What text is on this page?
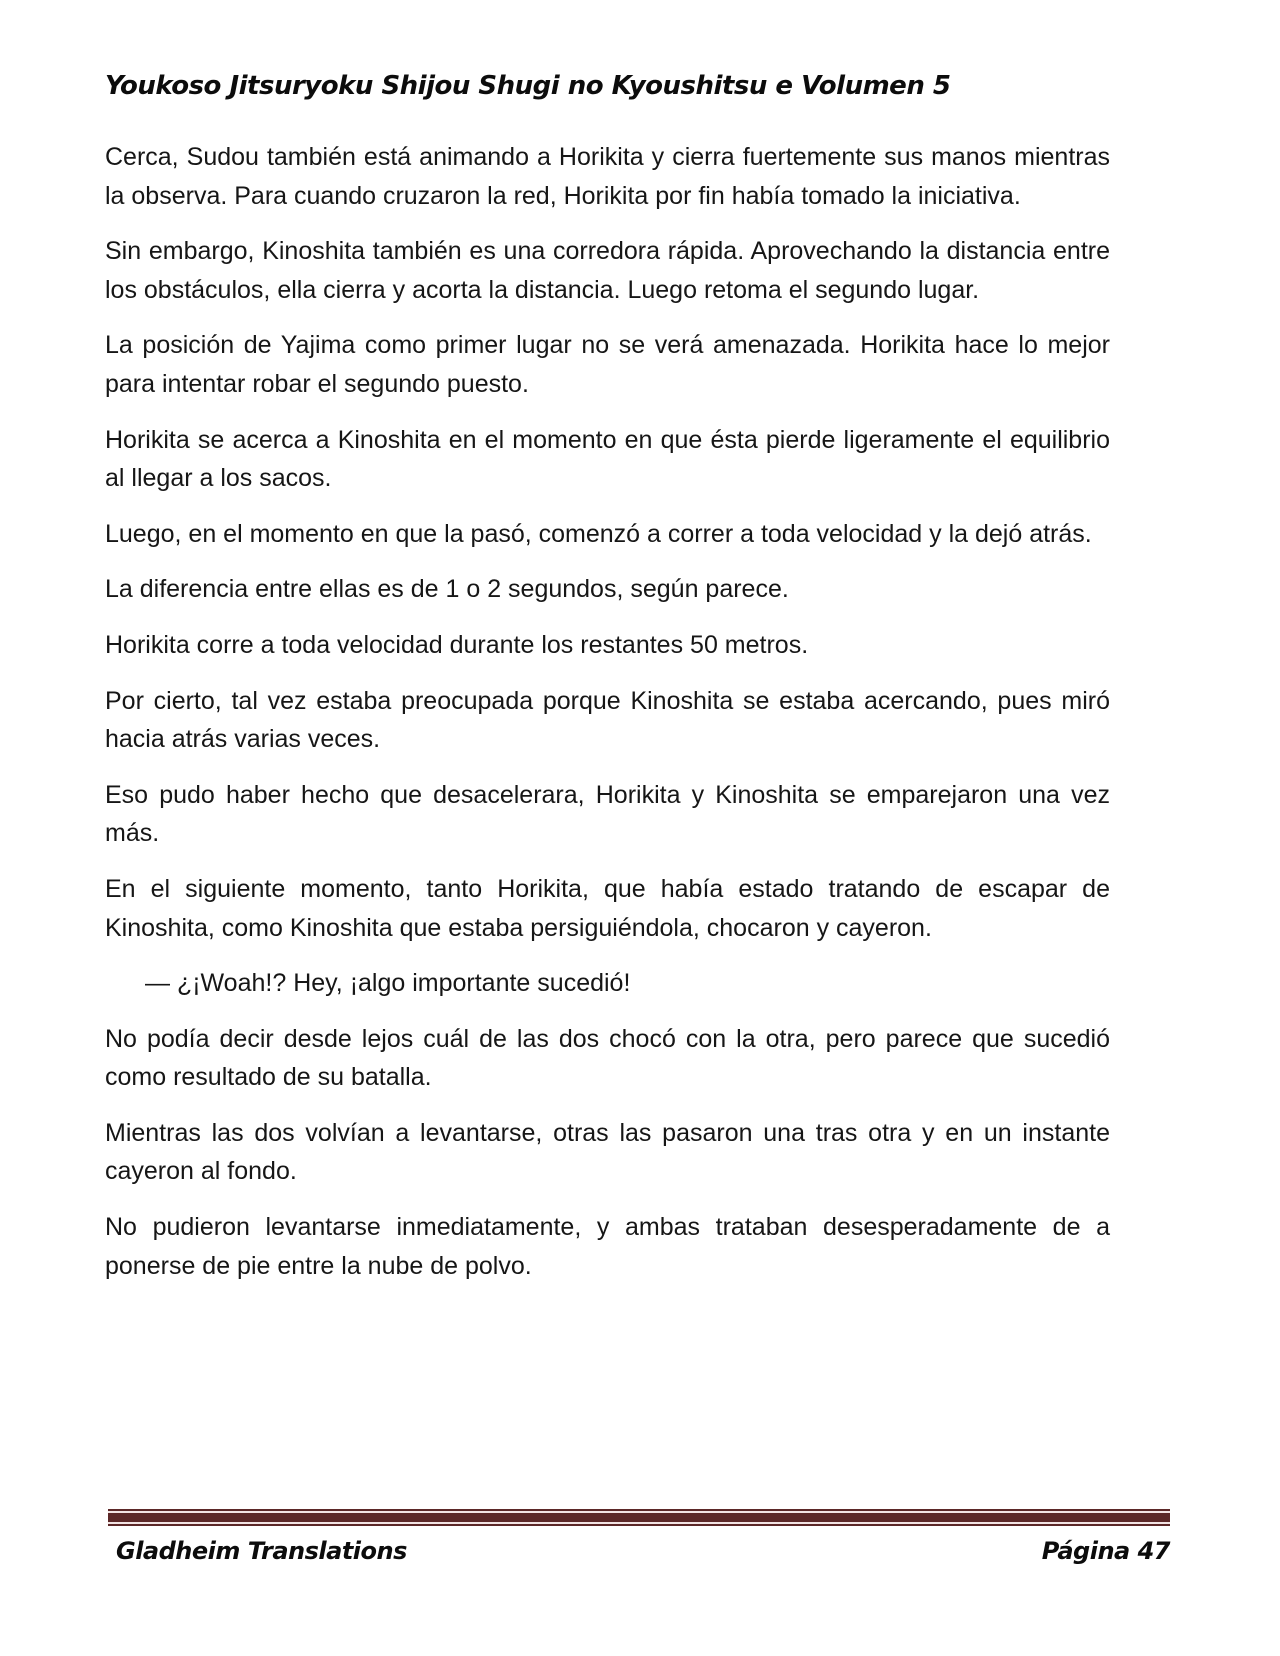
Youkoso Jitsuryoku Shijou Shugi no Kyoushitsu e Volumen 5

Cerca, Sudou también está animando a Horikita y cierra fuertemente sus manos mientras la observa. Para cuando cruzaron la red, Horikita por fin había tomado la iniciativa.

Sin embargo, Kinoshita también es una corredora rápida. Aprovechando la distancia entre los obstáculos, ella cierra y acorta la distancia. Luego retoma el segundo lugar.

La posición de Yajima como primer lugar no se verá amenazada. Horikita hace lo mejor para intentar robar el segundo puesto.

Horikita se acerca a Kinoshita en el momento en que ésta pierde ligeramente el equilibrio al llegar a los sacos.

Luego, en el momento en que la pasó, comenzó a correr a toda velocidad y la dejó atrás.

La diferencia entre ellas es de 1 o 2 segundos, según parece.

Horikita corre a toda velocidad durante los restantes 50 metros.

Por cierto, tal vez estaba preocupada porque Kinoshita se estaba acercando, pues miró hacia atrás varias veces.

Eso pudo haber hecho que desacelerara, Horikita y Kinoshita se emparejaron una vez más.

En el siguiente momento, tanto Horikita, que había estado tratando de escapar de Kinoshita, como Kinoshita que estaba persiguiéndola, chocaron y cayeron.

— ¿¡Woah!? Hey, ¡algo importante sucedió!

No podía decir desde lejos cuál de las dos chocó con la otra, pero parece que sucedió como resultado de su batalla.

Mientras las dos volvían a levantarse, otras las pasaron una tras otra y en un instante cayeron al fondo.

No pudieron levantarse inmediatamente, y ambas trataban desesperadamente de a ponerse de pie entre la nube de polvo.

Gladheim Translations	Página 47
